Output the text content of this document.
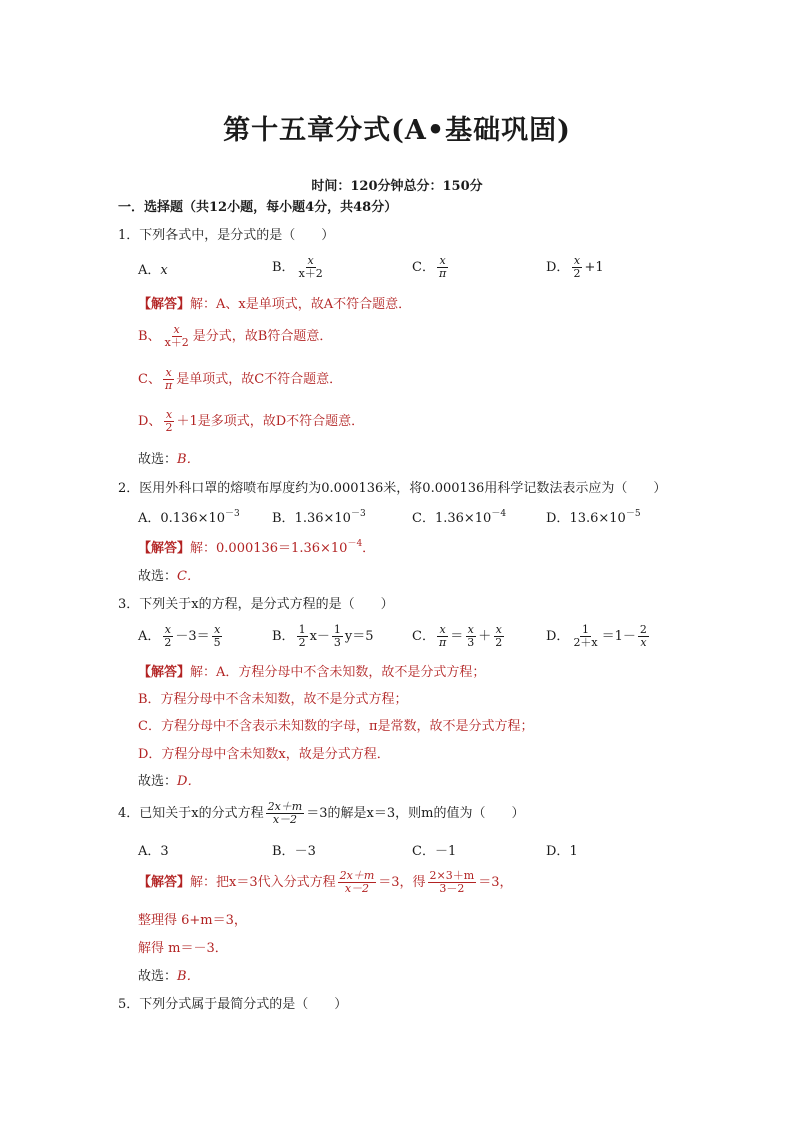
第十五章分式(A•基础巩固)
时间：120分钟总分：150分
一．选择题（共12小题，每小题4分，共48分）
1．下列各式中，是分式的是（　　）
A．x	B． $\frac{x}{x+2}$	C． $\frac{x}{\pi}$	D． $\frac{x}{2} +1$
【解答】解：A、x是单项式，故A不符合题意．
B、 $\frac{x}{x+2}$ 是分式，故B符合题意．
C、 $\frac{x}{\pi}$ 是单项式，故C不符合题意．
D、 $\frac{x}{2} +1$是多项式，故D不符合题意．
故选：B．
2．医用外科口罩的熔喷布厚度约为0.000136米，将0.000136用科学记数法表示应为（　　）
A．$0.136\times 10^{-3}$ B．$1.36\times 10^{-3}$	C．$1.36\times 10^{-4}$	D．$13.6\times 10^{-5}$
【解答】解：$0.000136=1.36\times 10^{-4}$．
故选：C．
3．下列关于x的方程，是分式方程的是（　　）
A． $\frac{x}{2} -3= \frac{x}{5}$	B． $\frac{1}{2} x- \frac{1}{3} y=5$	C． $\frac{x}{\pi} = \frac{x}{3} + \frac{x}{2}$	D． $\frac{1}{2+x} =1- \frac{2}{x}$
【解答】解：A．方程分母中不含未知数，故不是分式方程；
B．方程分母中不含未知数，故不是分式方程；
C．方程分母中不含表示未知数的字母，π是常数，故不是分式方程；
D．方程分母中含未知数x，故是分式方程．
故选：D．
4．已知关于x的分式方程 $\frac{2x+m}{x-2} =3$的解是x＝3，则m的值为（　　）
A．3	B．－3	C．－1	D．1
【解答】解：把x＝3代入分式方程 $\frac{2x+m}{x-2} =3$，得 $\frac{2\times 3+m}{3-2} =3$，
整理得 6+m＝3，
解得 m＝－3．
故选：B．
5．下列分式属于最简分式的是（　　）
